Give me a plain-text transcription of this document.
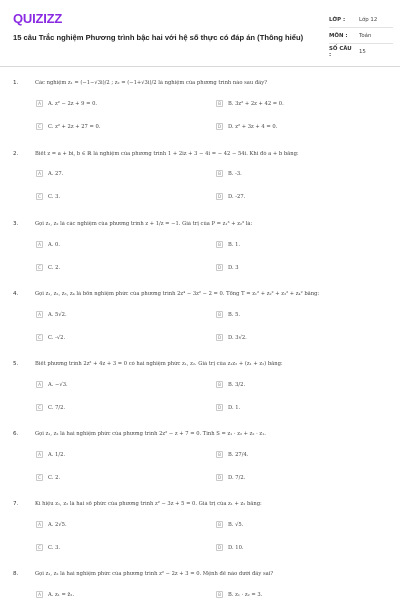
QUIZIZZ
15 câu Trắc nghiệm Phương trình bậc hai với hệ số thực có đáp án (Thông hiểu)
LỚP :	Lớp 12
MÔN :	Toán
SỐ CÂU :	15
1.	Các nghiệm z₁ = (−1−√3i)/2 ; z₂ = (−1+√3i)/2 là nghiệm của phương trình nào sau đây?
A	A. z² − 2z + 9 = 0.	B	B. 3z² + 2z + 42 = 0.
C	C. z² + 2z + 27 = 0.	D	D. z² + 3z + 4 = 0.
2.	Biết z = a + bi, b ∈ ℝ là nghiệm của phương trình 1 + 2iz + 3 − 4i = − 42 − 54i. Khi đó a + b bằng:
A	A. 27.	B	B. -3.
C	C. 3.	D	D. -27.
3.	Gọi z₁, z₂ là các nghiệm của phương trình z + 1/z = −1. Giá trị của P = z₁³ + z₂³ là:
A	A. 0.	B	B. 1.
C	C. 2.	D	D. 3
4.	Gọi z₁, z₂, z₃, z₄ là bốn nghiệm phức của phương trình 2z⁴ − 3z² − 2 = 0. Tổng T = z₁² + z₂² + z₃² + z₄² bằng:
A	A. 5√2.	B	B. 5.
C	C. -√2.	D	D. 3√2.
5.	Biết phương trình 2z² + 4z + 3 = 0 có hai nghiệm phức z₁, z₂. Giá trị của z₁z₂ + (z₁ + z₂) bằng:
A	A. −√3.	B	B. 3/2.
C	C. 7/2.	D	D. 1.
6.	Gọi z₁, z₂ là hai nghiệm phức của phương trình 2z² − z + 7 = 0. Tính S = z₁ · z₂ + z₂ · z₁.
A	A. 1/2.	B	B. 27/4.
C	C. 2.	D	D. 7/2.
7.	Kí hiệu z₁, z₂ là hai số phức của phương trình z² − 3z + 5 = 0. Giá trị của z₁ + z₂ bằng:
A	A. 2√5.	B	B. √5.
C	C. 3.	D	D. 10.
8.	Gọi z₁, z₂ là hai nghiệm phức của phương trình z² − 2z + 3 = 0. Mệnh đề nào dưới đây sai?
A	A. z₁ = z̄₂.	B	B. z₁ · z₂ = 3.
